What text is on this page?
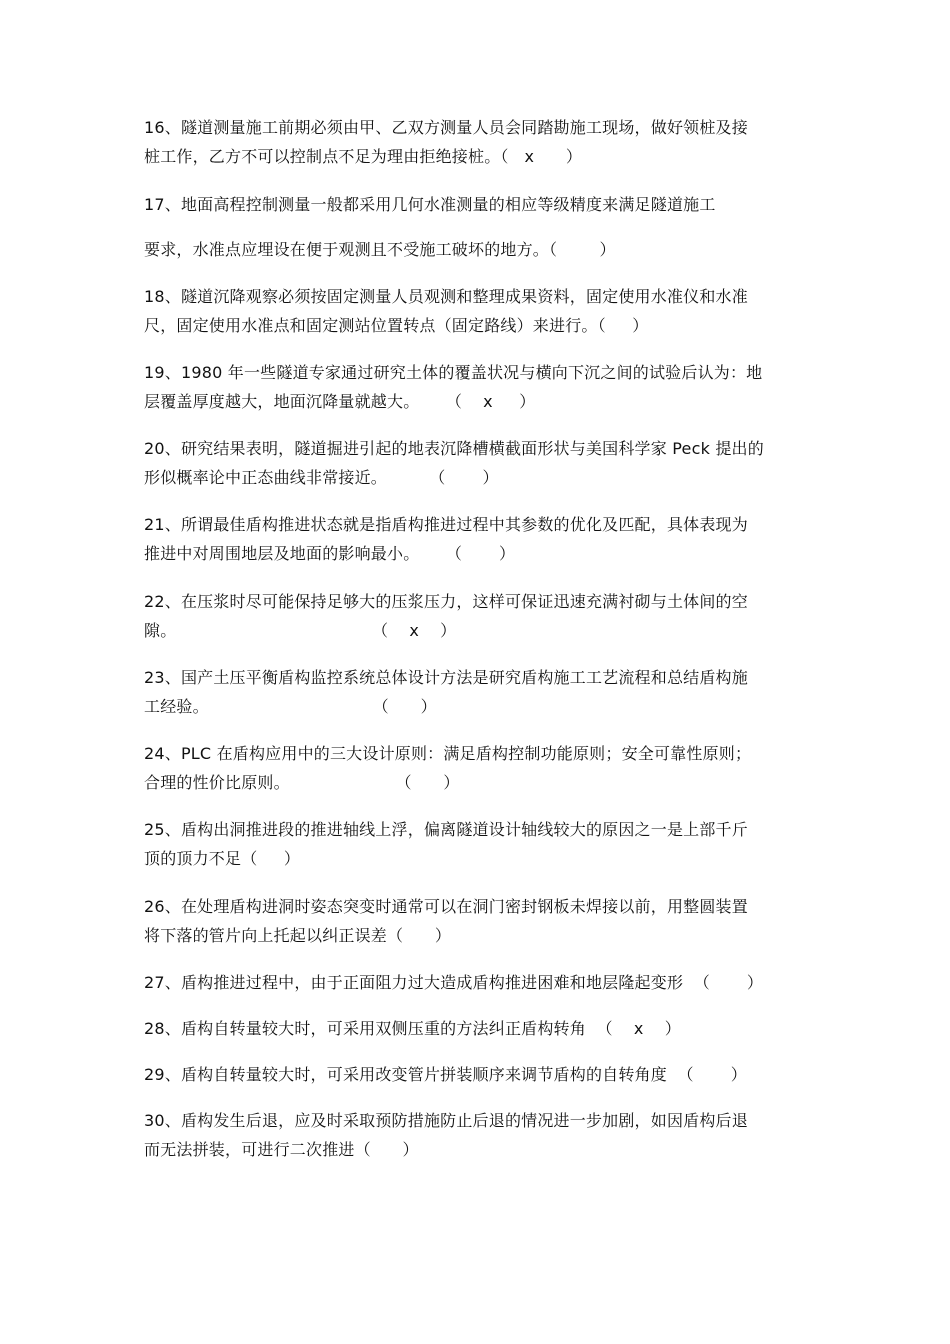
16、隧道测量施工前期必须由甲、乙双方测量人员会同踏勘施工现场，做好领桩及接
桩工作，乙方不可以控制点不足为理由拒绝接桩。（   x      ）
17、地面高程控制测量一般都采用几何水准测量的相应等级精度来满足隧道施工
要求，水准点应埋设在便于观测且不受施工破坏的地方。（        ）
18、隧道沉降观察必须按固定测量人员观测和整理成果资料，固定使用水准仪和水准
尺，固定使用水准点和固定测站位置转点（固定路线）来进行。（     ）
19、1980 年一些隧道专家通过研究土体的覆盖状况与横向下沉之间的试验后认为：地
层覆盖厚度越大，地面沉降量就越大。     （    x     ）
20、研究结果表明，隧道掘进引起的地表沉降槽横截面形状与美国科学家 Peck 提出的
形似概率论中正态曲线非常接近。        （       ）
21、所谓最佳盾构推进状态就是指盾构推进过程中其参数的优化及匹配，具体表现为
推进中对周围地层及地面的影响最小。     （       ）
22、在压浆时尽可能保持足够大的压浆压力，这样可保证迅速充满衬砌与土体间的空
隙。                                     （    x    ）
23、国产土压平衡盾构监控系统总体设计方法是研究盾构施工工艺流程和总结盾构施
工经验。                               （      ）
24、PLC 在盾构应用中的三大设计原则：满足盾构控制功能原则；安全可靠性原则；
合理的性价比原则。                    （      ）
25、盾构出洞推进段的推进轴线上浮，偏离隧道设计轴线较大的原因之一是上部千斤
顶的顶力不足（     ）
26、在处理盾构进洞时姿态突变时通常可以在洞门密封钢板未焊接以前，用整圆装置
将下落的管片向上托起以纠正误差（      ）
27、盾构推进过程中，由于正面阻力过大造成盾构推进困难和地层隆起变形  （       ）
28、盾构自转量较大时，可采用双侧压重的方法纠正盾构转角  （    x    ）
29、盾构自转量较大时，可采用改变管片拼装顺序来调节盾构的自转角度  （       ）
30、盾构发生后退，应及时采取预防措施防止后退的情况进一步加剧，如因盾构后退
而无法拼装，可进行二次推进（      ）
